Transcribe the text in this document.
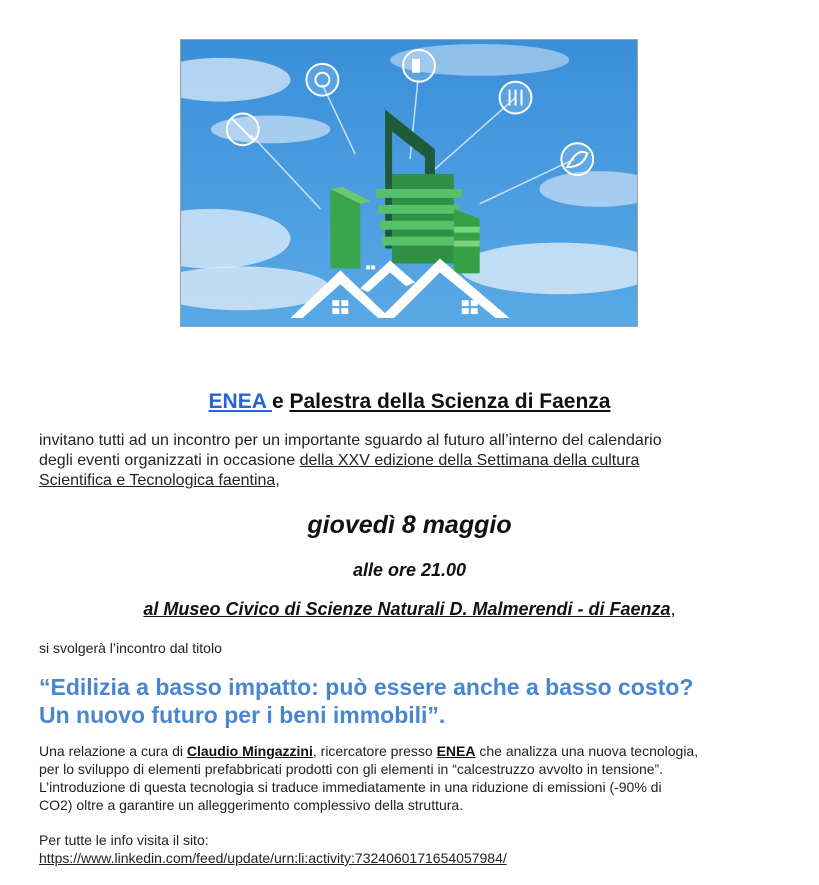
ENEA e Palestra della Scienza di Faenza
invitano tutti ad un incontro per un importante sguardo al futuro all’interno del calendario
degli eventi organizzati in occasione della XXV edizione della Settimana della cultura
Scientifica e Tecnologica faentina,
giovedì 8 maggio
alle ore 21.00
al Museo Civico di Scienze Naturali D. Malmerendi - di Faenza,
si svolgerà l’incontro dal titolo
“Edilizia a basso impatto: può essere anche a basso costo?
Un nuovo futuro per i beni immobili”.
Una relazione a cura di Claudio Mingazzini, ricercatore presso ENEA che analizza una nuova tecnologia,
per lo sviluppo di elementi prefabbricati prodotti con gli elementi in “calcestruzzo avvolto in tensione”.
L’introduzione di questa tecnologia si traduce immediatamente in una riduzione di emissioni (-90% di
CO2) oltre a garantire un alleggerimento complessivo della struttura.
Per tutte le info visita il sito:
https://www.linkedin.com/feed/update/urn:li:activity:7324060171654057984/
